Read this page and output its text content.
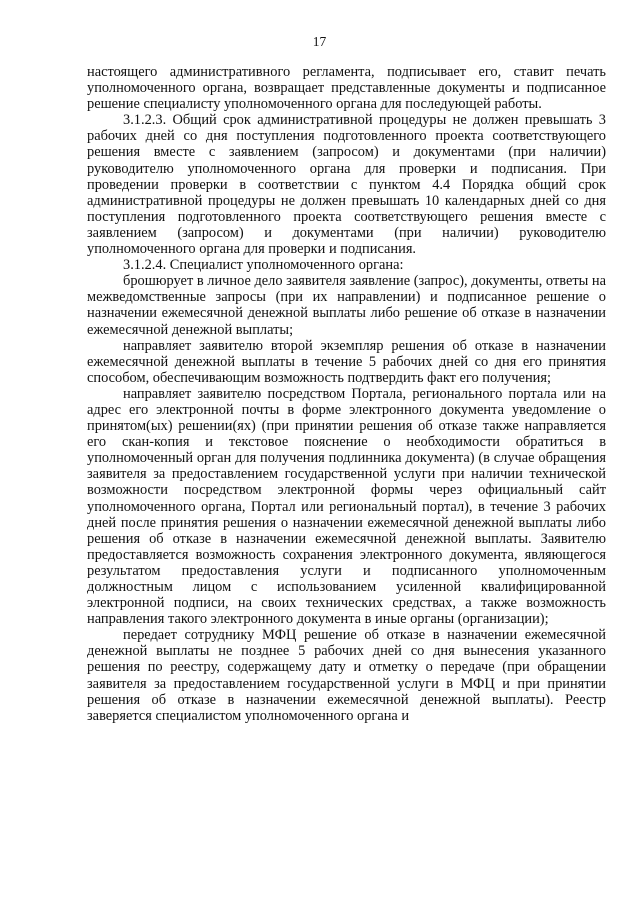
17

настоящего административного регламента, подписывает его, ставит печать уполномоченного органа, возвращает представленные документы и подписанное решение специалисту уполномоченного органа для последующей работы.

3.1.2.3. Общий срок административной процедуры не должен превышать 3 рабочих дней со дня поступления подготовленного проекта соответствующего решения вместе с заявлением (запросом) и документами (при наличии) руководителю уполномоченного органа для проверки и подписания. При проведении проверки в соответствии с пунктом 4.4 Порядка общий срок административной процедуры не должен превышать 10 календарных дней со дня поступления подготовленного проекта соответствующего решения вместе с заявлением (запросом) и документами (при наличии) руководителю уполномоченного органа для проверки и подписания.

3.1.2.4. Специалист уполномоченного органа:

брошюрует в личное дело заявителя заявление (запрос), документы, ответы на межведомственные запросы (при их направлении) и подписанное решение о назначении ежемесячной денежной выплаты либо решение об отказе в назначении ежемесячной денежной выплаты;

направляет заявителю второй экземпляр решения об отказе в назначении ежемесячной денежной выплаты в течение 5 рабочих дней со дня его принятия способом, обеспечивающим возможность подтвердить факт его получения;

направляет заявителю посредством Портала, регионального портала или на адрес его электронной почты в форме электронного документа уведомление о принятом(ых) решении(ях) (при принятии решения об отказе также направляется его скан-копия и текстовое пояснение о необходимости обратиться в уполномоченный орган для получения подлинника документа) (в случае обращения заявителя за предоставлением государственной услуги при наличии технической возможности посредством электронной формы через официальный сайт уполномоченного органа, Портал или региональный портал), в течение 3 рабочих дней после принятия решения о назначении ежемесячной денежной выплаты либо решения об отказе в назначении ежемесячной денежной выплаты. Заявителю предоставляется возможность сохранения электронного документа, являющегося результатом предоставления услуги и подписанного уполномоченным должностным лицом с использованием усиленной квалифицированной электронной подписи, на своих технических средствах, а также возможность направления такого электронного документа в иные органы (организации);

передает сотруднику МФЦ решение об отказе в назначении ежемесячной денежной выплаты не позднее 5 рабочих дней со дня вынесения указанного решения по реестру, содержащему дату и отметку о передаче (при обращении заявителя за предоставлением государственной услуги в МФЦ и при принятии решения об отказе в назначении ежемесячной денежной выплаты). Реестр заверяется специалистом уполномоченного органа и
